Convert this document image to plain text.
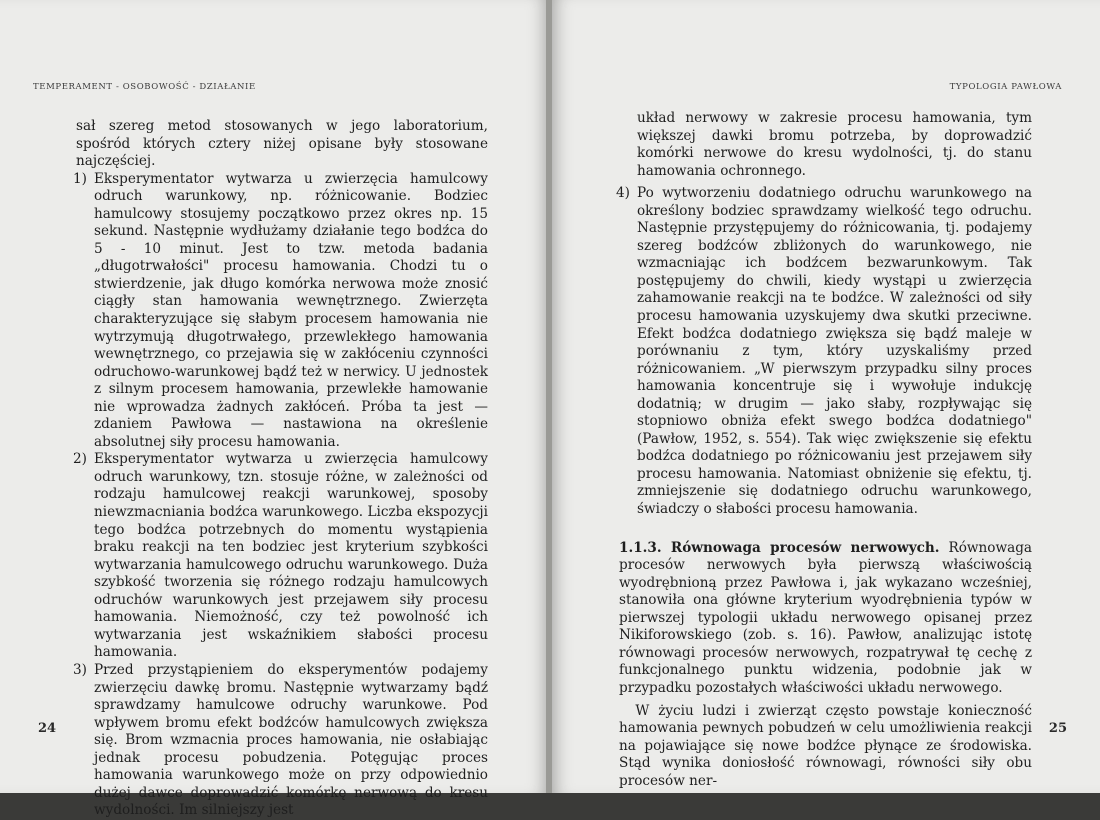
TEMPERAMENT - OSOBOWOŚĆ - DZIAŁANIE

sał szereg metod stosowanych w jego laboratorium, spośród których cztery niżej opisane były stosowane najczęściej.

1) Eksperymentator wytwarza u zwierzęcia hamulcowy odruch warunkowy, np. różnicowanie. Bodziec hamulcowy stosujemy początkowo przez okres np. 15 sekund. Następnie wydłużamy działanie tego bodźca do 5 - 10 minut. Jest to tzw. metoda badania „długotrwałości" procesu hamowania. Chodzi tu o stwierdzenie, jak długo komórka nerwowa może znosić ciągły stan hamowania wewnętrznego. Zwierzęta charakteryzujące się słabym procesem hamowania nie wytrzymują długotrwałego, przewlekłego hamowania wewnętrznego, co przejawia się w zakłóceniu czynności odruchowo-warunkowej bądź też w nerwicy. U jednostek z silnym procesem hamowania, przewlekłe hamowanie nie wprowadza żadnych zakłóceń. Próba ta jest — zdaniem Pawłowa — nastawiona na określenie absolutnej siły procesu hamowania.

2) Eksperymentator wytwarza u zwierzęcia hamulcowy odruch warunkowy, tzn. stosuje różne, w zależności od rodzaju hamulcowej reakcji warunkowej, sposoby niewzmacniania bodźca warunkowego. Liczba ekspozycji tego bodźca potrzebnych do momentu wystąpienia braku reakcji na ten bodziec jest kryterium szybkości wytwarzania hamulcowego odruchu warunkowego. Duża szybkość tworzenia się różnego rodzaju hamulcowych odruchów warunkowych jest przejawem siły procesu hamowania. Niemożność, czy też powolność ich wytwarzania jest wskaźnikiem słabości procesu hamowania.

3) Przed przystąpieniem do eksperymentów podajemy zwierzęciu dawkę bromu. Następnie wytwarzamy bądź sprawdzamy hamulcowe odruchy warunkowe. Pod wpływem bromu efekt bodźców hamulcowych zwiększa się. Brom wzmacnia proces hamowania, nie osłabiając jednak procesu pobudzenia. Potęgując proces hamowania warunkowego może on przy odpowiednio dużej dawce doprowadzić komórkę nerwową do kresu wydolności. Im silniejszy jest

24
TYPOLOGIA PAWŁOWA

układ nerwowy w zakresie procesu hamowania, tym większej dawki bromu potrzeba, by doprowadzić komórki nerwowe do kresu wydolności, tj. do stanu hamowania ochronnego.

4) Po wytworzeniu dodatniego odruchu warunkowego na określony bodziec sprawdzamy wielkość tego odruchu. Następnie przystępujemy do różnicowania, tj. podajemy szereg bodźców zbliżonych do warunkowego, nie wzmacniając ich bodźcem bezwarunkowym. Tak postępujemy do chwili, kiedy wystąpi u zwierzęcia zahamowanie reakcji na te bodźce. W zależności od siły procesu hamowania uzyskujemy dwa skutki przeciwne. Efekt bodźca dodatniego zwiększa się bądź maleje w porównaniu z tym, który uzyskaliśmy przed różnicowaniem. „W pierwszym przypadku silny proces hamowania koncentruje się i wywołuje indukcję dodatnią; w drugim — jako słaby, rozpływając się stopniowo obniża efekt swego bodźca dodatniego" (Pawłow, 1952, s. 554). Tak więc zwiększenie się efektu bodźca dodatniego po różnicowaniu jest przejawem siły procesu hamowania. Natomiast obniżenie się efektu, tj. zmniejszenie się dodatniego odruchu warunkowego, świadczy o słabości procesu hamowania.

1.1.3. Równowaga procesów nerwowych. Równowaga procesów nerwowych była pierwszą właściwością wyodrębnioną przez Pawłowa i, jak wykazano wcześniej, stanowiła ona główne kryterium wyodrębnienia typów w pierwszej typologii układu nerwowego opisanej przez Nikiforowskiego (zob. s. 16). Pawłow, analizując istotę równowagi procesów nerwowych, rozpatrywał tę cechę z funkcjonalnego punktu widzenia, podobnie jak w przypadku pozostałych właściwości układu nerwowego.

W życiu ludzi i zwierząt często powstaje konieczność hamowania pewnych pobudzeń w celu umożliwienia reakcji na pojawiające się nowe bodźce płynące ze środowiska. Stąd wynika doniosłość równowagi, równości siły obu procesów ner-

25
